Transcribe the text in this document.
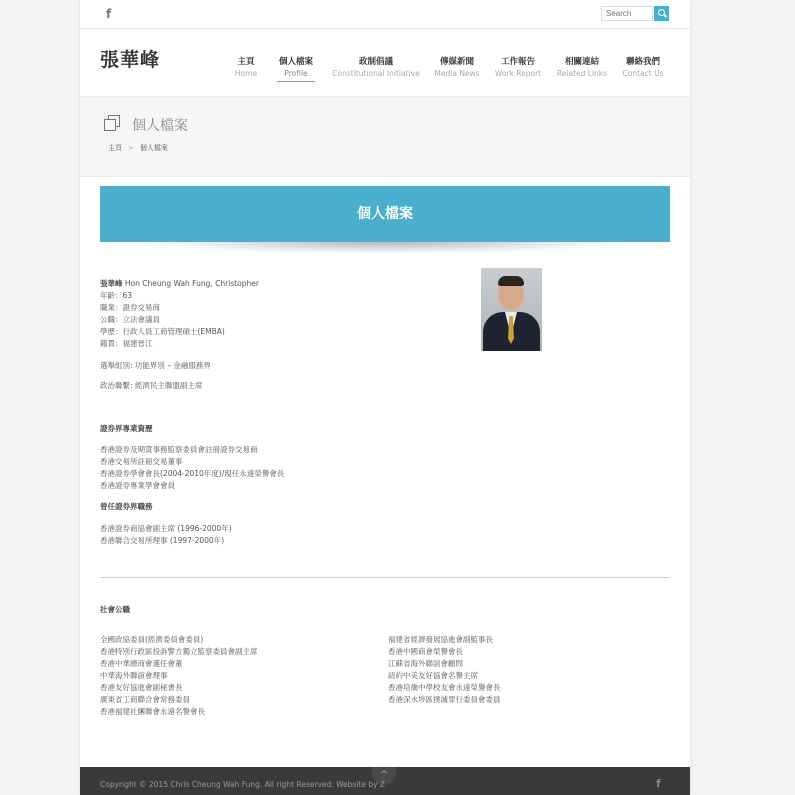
f
Search
張華峰	主頁
Home
個人檔案
Profile
政制倡議
Constitutional Initiative
傳媒新聞
Media News
工作報告
Work Report
相關連結
Related Links
聯絡我們
Contact Us
個人檔案
主頁 > 個人檔案
個人檔案

張華峰 Hon Cheung Wah Fung, Christopher

年齡：63

職業：證券交易商

公職：立法會議員

學歷：行政人員工商管理碩士(EMBA)

籍貫：福建晉江

選舉組別: 功能界別 – 金融服務界

政治聯繫: 經濟民主聯盟副主席

證券界專業資歷

香港證券及期貨事務監察委員會註冊證券交易商

香港交易所註冊交易董事

香港證券學會會長(2004-2010年度)/現任永遠榮譽會長

香港證券專業學會會員

曾任證券界職務

香港證券商協會副主席 (1996-2000年)

香港聯合交易所理事 (1997-2000年)

社會公職

全國政協委員(經濟委員會委員)

香港特別行政區投訴警方獨立監察委員會副主席

香港中華總商會選任會董

中華海外聯誼會理事

香港友好協進會副秘書長

廣東省工商聯合會常務委員

香港福建社團聯會永遠名譽會長

福建省經濟發展協進會副監事長

香港中國商會榮譽會長

江蘇省海外聯誼會顧問

紐約中美友好協會名譽主席

香港培僑中學校友會永遠榮譽會長

香港深水埗區撲滅罪行委員會委員

^
Copyright © 2015 Chris Cheung Wah Fung. All right Reserved. Website by Z	f
